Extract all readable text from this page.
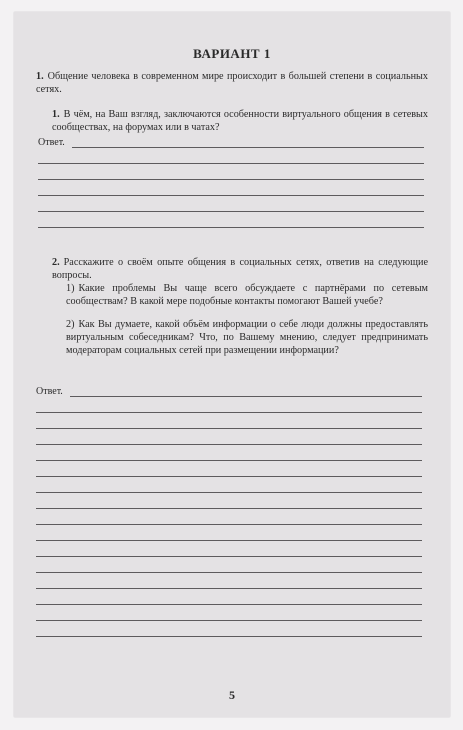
ВАРИАНТ 1
1. Общение человека в современном мире происходит в большей степени в социальных сетях.
1. В чём, на Ваш взгляд, заключаются особенности виртуального общения в сетевых сообществах, на форумах или в чатах?
Ответ.
2. Расскажите о своём опыте общения в социальных сетях, ответив на следующие вопросы.
1) Какие проблемы Вы чаще всего обсуждаете с партнёрами по сетевым сообществам? В какой мере подобные контакты помогают Вашей учебе?
2) Как Вы думаете, какой объём информации о себе люди должны предоставлять виртуальным собеседникам? Что, по Вашему мнению, следует предпринимать модераторам социальных сетей при размещении информации?
Ответ.
5
